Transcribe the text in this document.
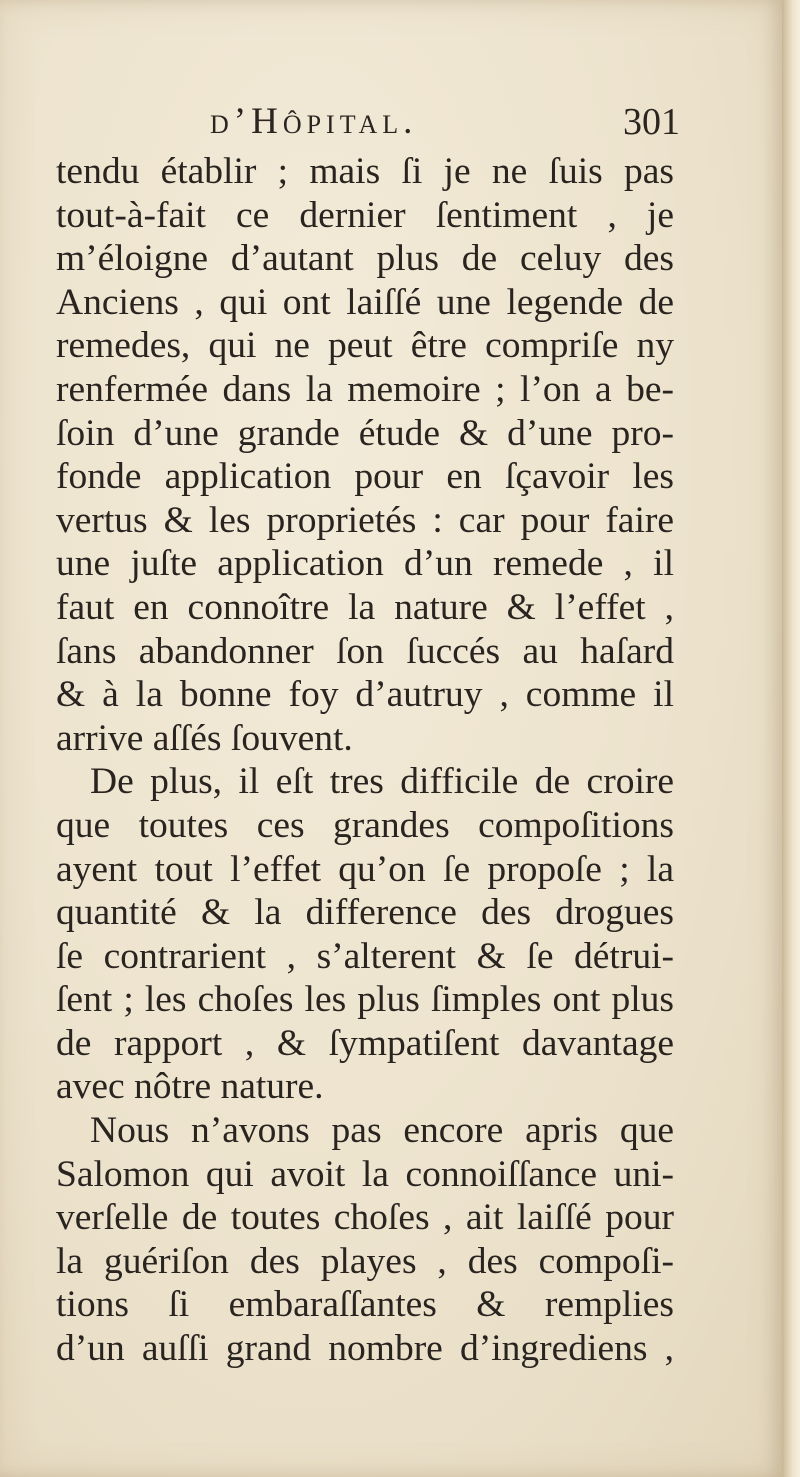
d’Hôpital.	301
tendu établir ; mais ſi je ne ſuis pas
tout-à-fait ce dernier ſentiment , je
m’éloigne d’autant plus de celuy des
Anciens , qui ont laiſſé une legende de
remedes, qui ne peut être compriſe ny
renfermée dans la memoire ; l’on a be-
ſoin d’une grande étude & d’une pro-
fonde application pour en ſçavoir les
vertus & les proprietés : car pour faire
une juſte application d’un remede , il
faut en connoître la nature & l’effet ,
ſans abandonner ſon ſuccés au haſard
& à la bonne foy d’autruy , comme il
arrive aſſés ſouvent.
De plus, il eſt tres difficile de croire
que toutes ces grandes compoſitions
ayent tout l’effet qu’on ſe propoſe ; la
quantité & la difference des drogues
ſe contrarient , s’alterent & ſe détrui-
ſent ; les choſes les plus ſimples ont plus
de rapport , & ſympatiſent davantage
avec nôtre nature.
Nous n’avons pas encore apris que
Salomon qui avoit la connoiſſance uni-
verſelle de toutes choſes , ait laiſſé pour
la guériſon des playes , des compoſi-
tions ſi embaraſſantes & remplies
d’un auſſi grand nombre d’ingrediens ,
